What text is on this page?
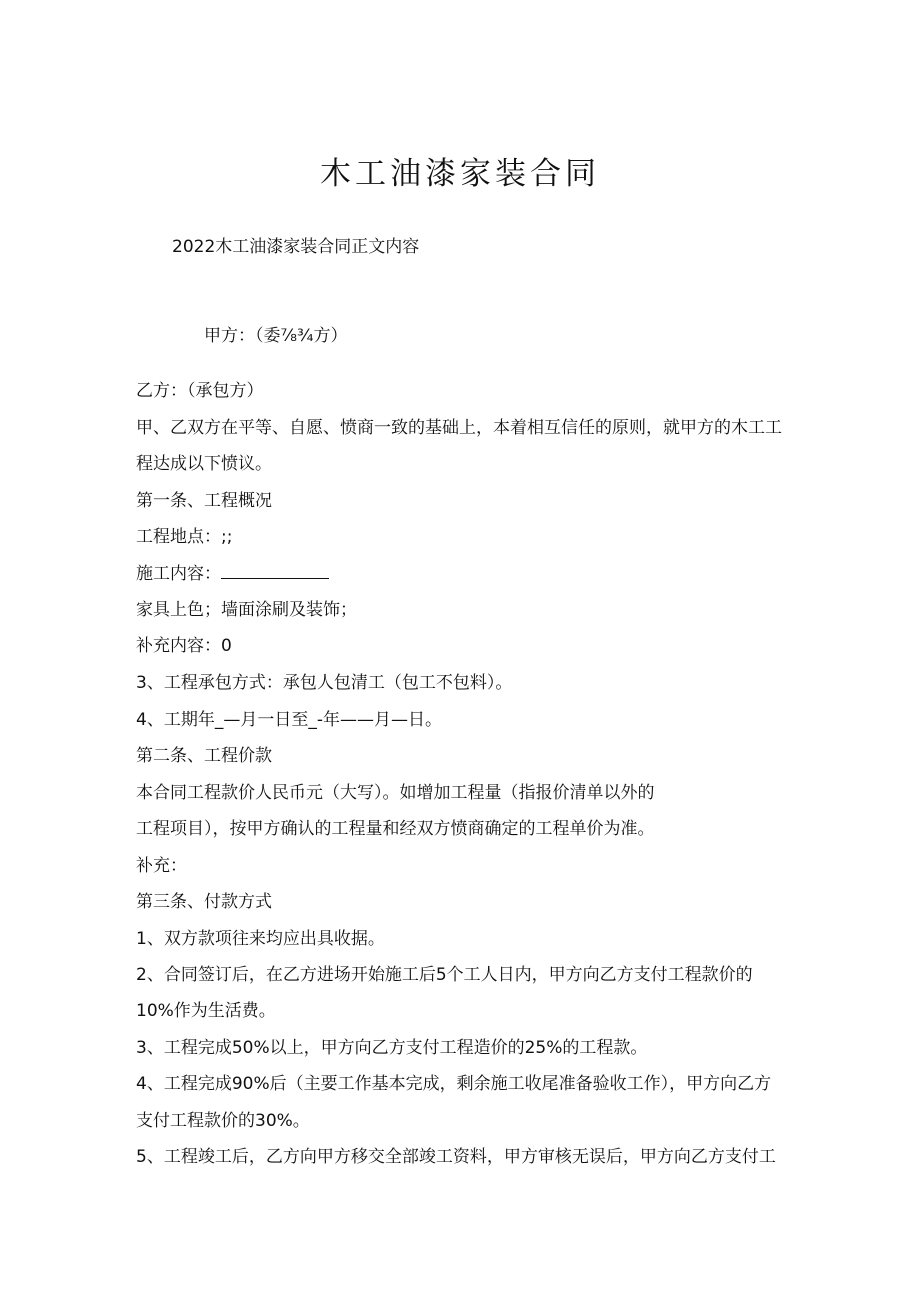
木工油漆家装合同

2022木工油漆家装合同正文内容

甲方：（委⅞¾方）

乙方：（承包方）

甲、乙双方在平等、自愿、愤商一致的基础上，本着相互信任的原则，就甲方的木工工

程达成以下愤议。

第一条、工程概况

工程地点：;;

施工内容：

家具上色；墙面涂刷及装饰；

补充内容：0

3、工程承包方式：承包人包清工（包工不包料）。

4、工期年_—月一日至_-年——月—日。

第二条、工程价款

本合同工程款价人民币元（大写）。如增加工程量（指报价清单以外的

工程项目），按甲方确认的工程量和经双方愤商确定的工程单价为准。

补充：

第三条、付款方式

1、双方款项往来均应出具收据。

2、合同签订后，在乙方进场开始施工后5个工人日内，甲方向乙方支付工程款价的

10%作为生活费。

3、工程完成50%以上，甲方向乙方支付工程造价的25%的工程款。

4、工程完成90%后（主要工作基本完成，剩余施工收尾准备验收工作），甲方向乙方

支付工程款价的30%。

5、工程竣工后，乙方向甲方移交全部竣工资料，甲方审核无误后，甲方向乙方支付工
